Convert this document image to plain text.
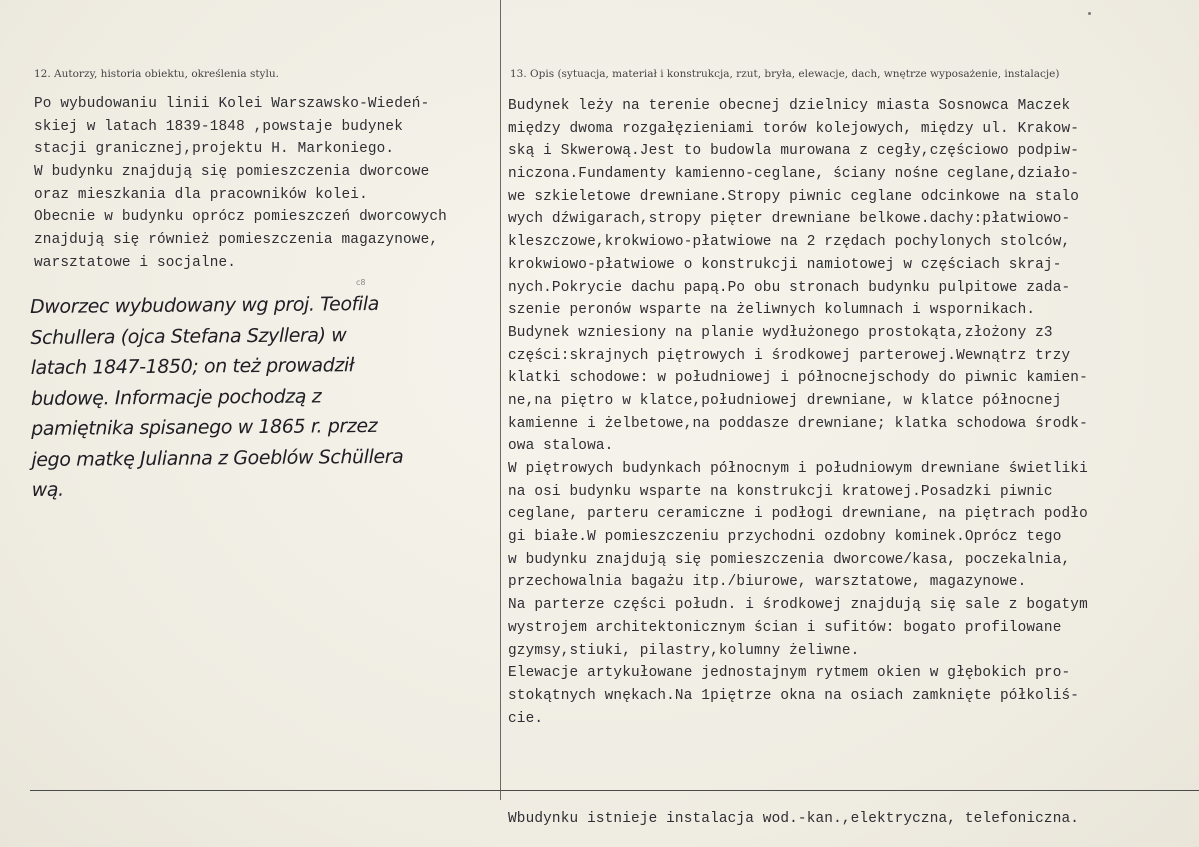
12. Autorzy, historia obiektu, określenia stylu.	13. Opis (sytuacja, materiał i konstrukcja, rzut, bryła, elewacje, dach, wnętrze wyposażenie, instalacje)
Po wybudowaniu linii Kolei Warszawsko-Wiedeń-
skiej w latach 1839-1848 ,powstaje budynek
stacji granicznej,projektu H. Markoniego.
W budynku znajdują się pomieszczenia dworcowe
oraz mieszkania dla pracowników kolei.
Obecnie w budynku oprócz pomieszczeń dworcowych
znajdują się również pomieszczenia magazynowe,
warsztatowe i socjalne.
c8
Dworzec wybudowany wg proj. Teofila
Schullera (ojca Stefana Szyllera) w
latach 1847-1850; on też prowadził
budowę. Informacje pochodzą z
pamiętnika spisanego w 1865 r. przez
jego matkę Julianna z Goeblów Schüllera
wą.
Budynek leży na terenie obecnej dzielnicy miasta Sosnowca Maczek
między dwoma rozgałęzieniami torów kolejowych, między ul. Krakow-
ską i Skwerową.Jest to budowla murowana z cegły,częściowo podpiw-
niczona.Fundamenty kamienno-ceglane, ściany nośne ceglane,działo-
we szkieletowe drewniane.Stropy piwnic ceglane odcinkowe na stalo
wych dźwigarach,stropy pięter drewniane belkowe.dachy:płatwiowo-
kleszczowe,krokwiowo-płatwiowe na 2 rzędach pochylonych stolców,
krokwiowo-płatwiowe o konstrukcji namiotowej w częściach skraj-
nych.Pokrycie dachu papą.Po obu stronach budynku pulpitowe zada-
szenie peronów wsparte na żeliwnych kolumnach i wspornikach.
Budynek wzniesiony na planie wydłużonego prostokąta,złożony z3
części:skrajnych piętrowych i środkowej parterowej.Wewnątrz trzy
klatki schodowe: w południowej i północnejschody do piwnic kamien-
ne,na piętro w klatce,południowej drewniane, w klatce północnej
kamienne i żelbetowe,na poddasze drewniane; klatka schodowa środk-
owa stalowa.
W piętrowych budynkach północnym i południowym drewniane świetliki
na osi budynku wsparte na konstrukcji kratowej.Posadzki piwnic
ceglane, parteru ceramiczne i podłogi drewniane, na piętrach podło
gi białe.W pomieszczeniu przychodni ozdobny kominek.Oprócz tego
w budynku znajdują się pomieszczenia dworcowe/kasa, poczekalnia,
przechowalnia bagażu itp./biurowe, warsztatowe, magazynowe.
Na parterze części połudn. i środkowej znajdują się sale z bogatym
wystrojem architektonicznym ścian i sufitów: bogato profilowane
gzymsy,stiuki, pilastry,kolumny żeliwne.
Elewacje artykułowane jednostajnym rytmem okien w głębokich pro-
stokątnych wnękach.Na 1piętrze okna na osiach zamknięte półkoliś-
cie.
Wbudynku istnieje instalacja wod.-kan.,elektryczna, telefoniczna.
